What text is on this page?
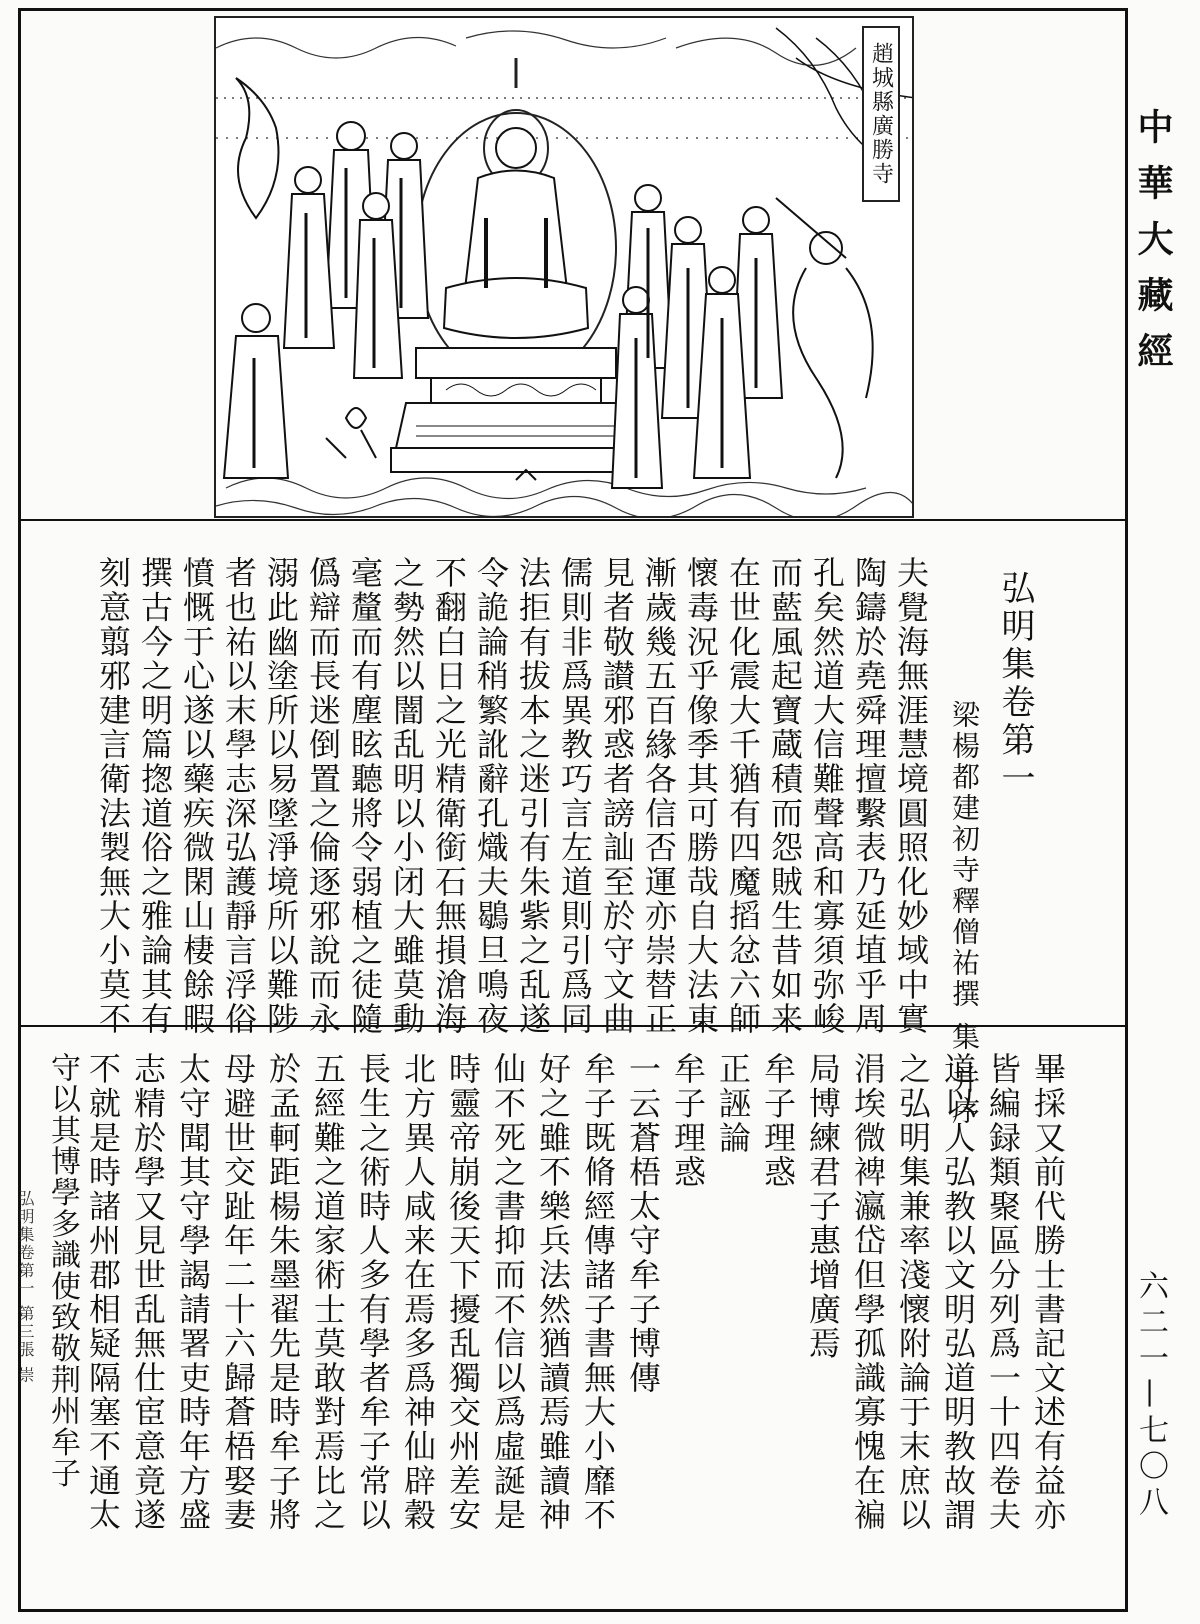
趙城縣廣勝寺	中華大藏經
六二一—七〇八
弘明集卷第一
梁楊都建初寺釋僧祐撰 集 并序
夫覺海無涯慧境圓照化妙域中實
陶鑄於堯舜理擅繫表乃延埴乎周
孔矣然道大信難聲高和寡須弥峻
而藍風起寶蔵積而怨賊生昔如来
在世化震大千猶有四魔搯忿六師
懷毒況乎像季其可勝哉自大法東
漸歲幾五百緣各信否運亦崇替正
見者敬讃邪惑者謗訕至於守文曲
儒則非爲異教巧言左道則引爲同
法拒有拔本之迷引有朱紫之乱遂
令詭論稍繁訛辭孔熾夫鶡旦鳴夜
不翻白日之光精衛銜石無損滄海
之勢然以闇乱明以小闭大雖莫動
毫釐而有塵眩聽將令弱植之徒隨
僞辯而長迷倒置之倫逐邪說而永
溺此幽塗所以易墜淨境所以難陟
者也祐以末學志深弘護靜言浮俗
憤慨于心遂以藥疾微閑山棲餘暇
撰古今之明篇揔道俗之雅論其有
刻意翦邪建言衛法製無大小莫不
畢採又前代勝士書記文述有益亦
皆編録類聚區分列爲一十四卷夫
道以人弘教以文明弘道明教故謂
之弘明集兼率淺懷附論于末庶以
涓埃微裨瀛岱但學孤識寡愧在褊
局博練君子惠增廣焉
牟子理惑
正誣論
牟子理惑
一云蒼梧太守牟子博傳
牟子既脩經傳諸子書無大小靡不
好之雖不樂兵法然猶讀焉雖讀神
仙不死之書抑而不信以爲虛誕是
時靈帝崩後天下擾乱獨交州差安
北方異人咸来在焉多爲神仙辟穀
長生之術時人多有學者牟子常以
五經難之道家術士莫敢對焉比之
於孟軻距楊朱墨翟先是時牟子將
母避世交趾年二十六歸蒼梧娶妻
太守聞其守學謁請署吏時年方盛
志精於學又見世乱無仕宦意竟遂
不就是時諸州郡相疑隔塞不通太
守以其博學多識使致敬荆州牟子
弘明集卷第一 第三張 崇
